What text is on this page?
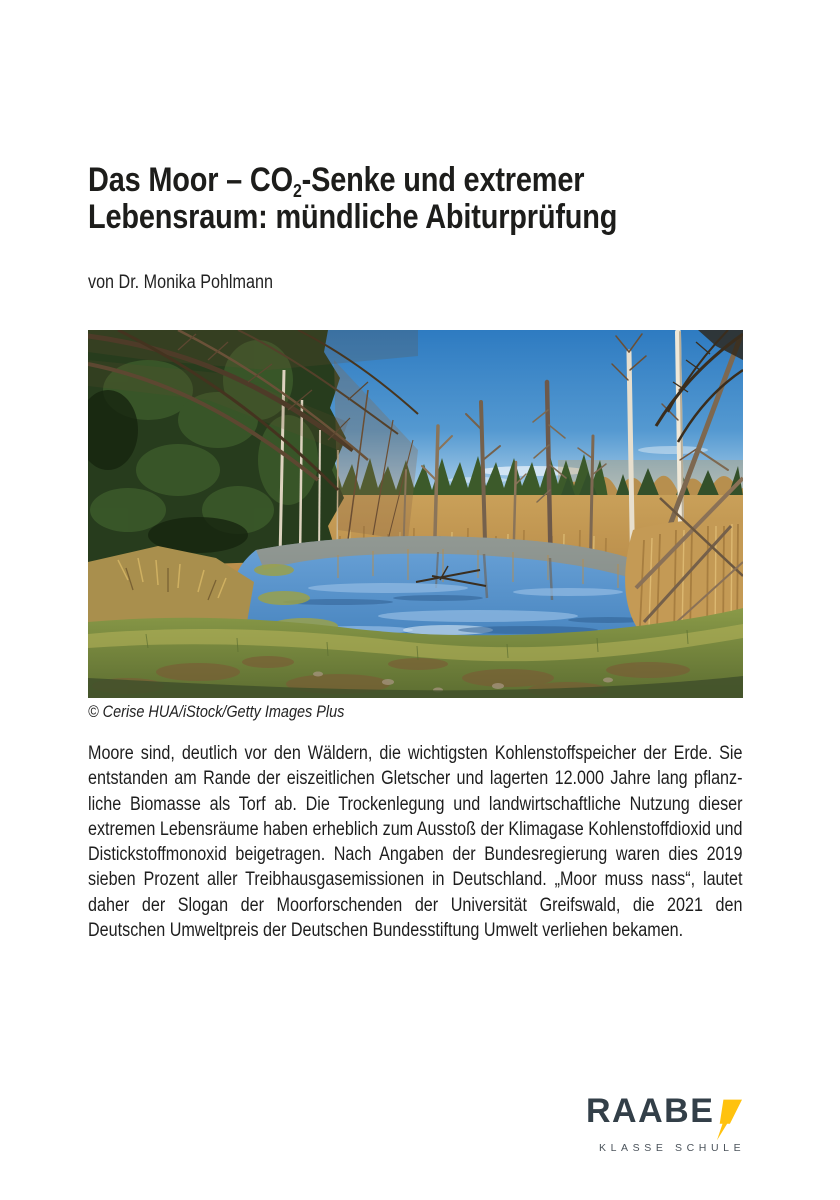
Das Moor – $CO_2$-Senke und extremer
Lebensraum: mündliche Abiturprüfung
von Dr. Monika Pohlmann
© Cerise HUA/iStock/Getty Images Plus

Moore sind, deutlich vor den Wäldern, die wichtigsten Kohlenstoffspeicher der Erde. Sie entstanden am Rande der eiszeitlichen Gletscher und lagerten 12.000 Jahre lang pflanzliche Biomasse als Torf ab. Die Trockenlegung und landwirtschaftliche Nutzung dieser extremen Lebensräume haben erheblich zum Ausstoß der Klimagase Kohlenstoffdioxid und Distickstoffmonoxid beigetragen. Nach Angaben der Bundesregierung waren dies 2019 sieben Prozent aller Treibhausgasemissionen in Deutschland. „Moor muss nass“, lautet daher der Slogan der Moorforschenden der Universität Greifswald, die 2021 den Deutschen Umweltpreis der Deutschen Bundesstiftung Umwelt verliehen bekamen.

RAABE
KLASSE SCHULE
